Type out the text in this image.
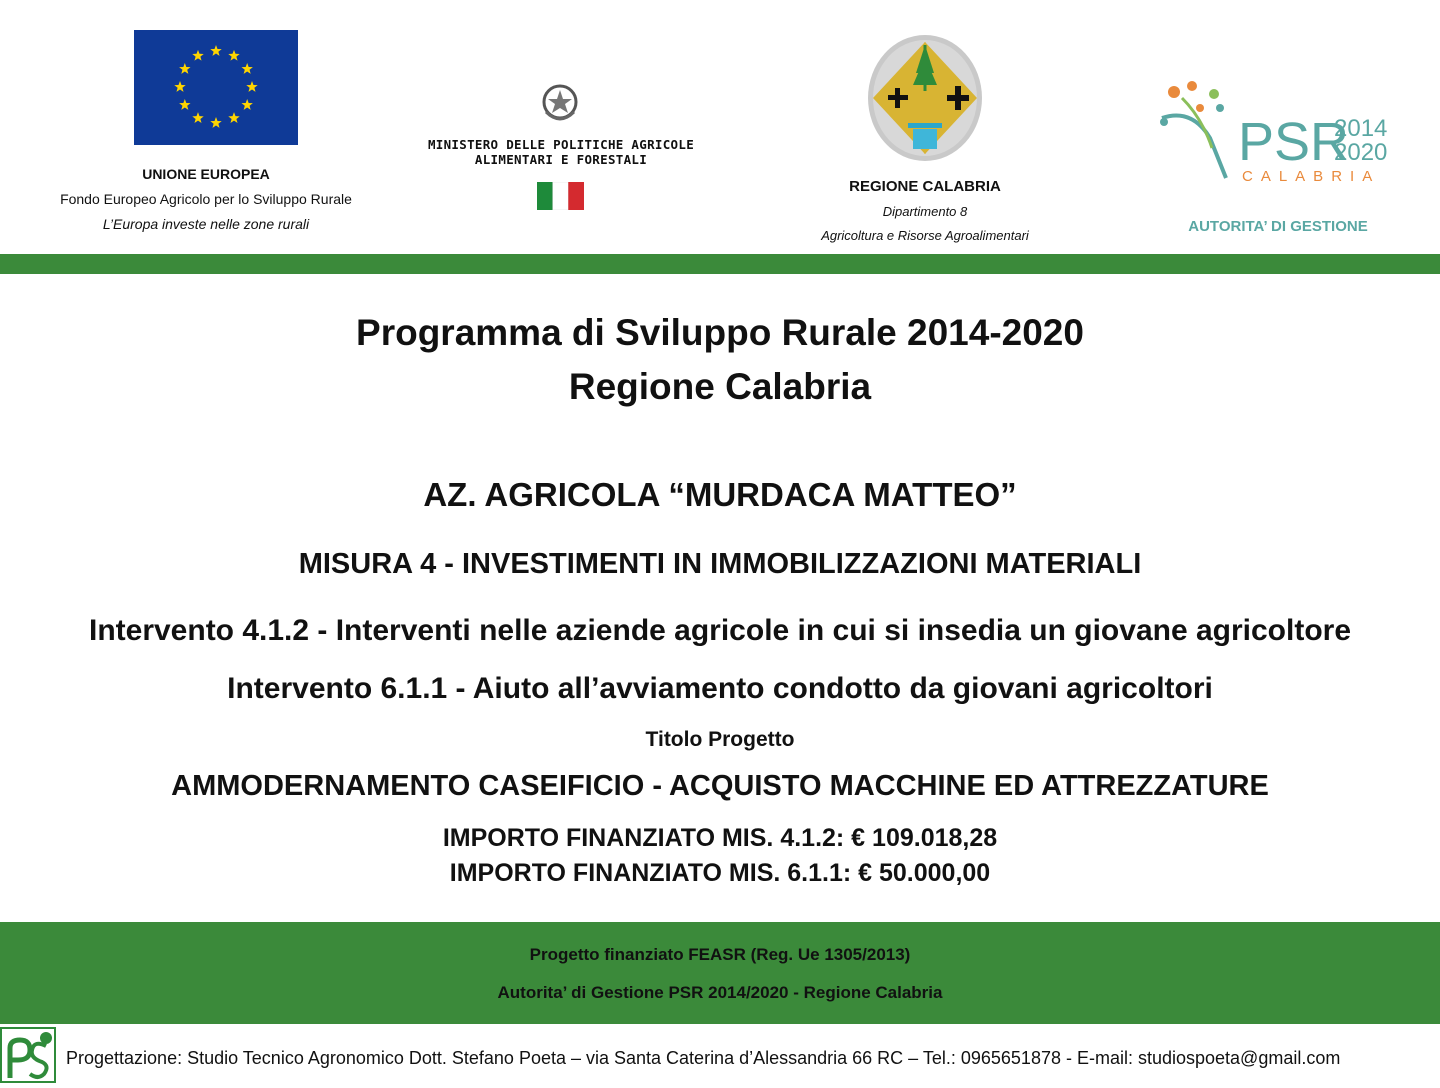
UNIONE EUROPEA
Fondo Europeo Agricolo per lo Sviluppo Rurale
L’Europa investe nelle zone rurali
MINISTERO DELLE POLITICHE AGRICOLE
ALIMENTARI E FORESTALI
REGIONE CALABRIA
Dipartimento 8
Agricoltura e Risorse Agroalimentari
PSR
2014
2020
CALABRIA
AUTORITA’ DI GESTIONE
Programma di Sviluppo Rurale 2014-2020
Regione Calabria
AZ. AGRICOLA “MURDACA MATTEO”
MISURA 4 - INVESTIMENTI IN IMMOBILIZZAZIONI MATERIALI
Intervento 4.1.2 - Interventi nelle aziende agricole in cui si insedia un giovane agricoltore
Intervento 6.1.1 - Aiuto all’avviamento condotto da giovani agricoltori
Titolo Progetto
AMMODERNAMENTO CASEIFICIO - ACQUISTO MACCHINE ED ATTREZZATURE
IMPORTO FINANZIATO MIS. 4.1.2: € 109.018,28
IMPORTO FINANZIATO MIS. 6.1.1: € 50.000,00
Progetto finanziato FEASR (Reg. Ue 1305/2013)
Autorita’ di Gestione PSR 2014/2020 - Regione Calabria
Progettazione: Studio Tecnico Agronomico Dott. Stefano Poeta – via Santa Caterina d’Alessandria 66 RC – Tel.: 0965651878 - E-mail: studiospoeta@gmail.com
